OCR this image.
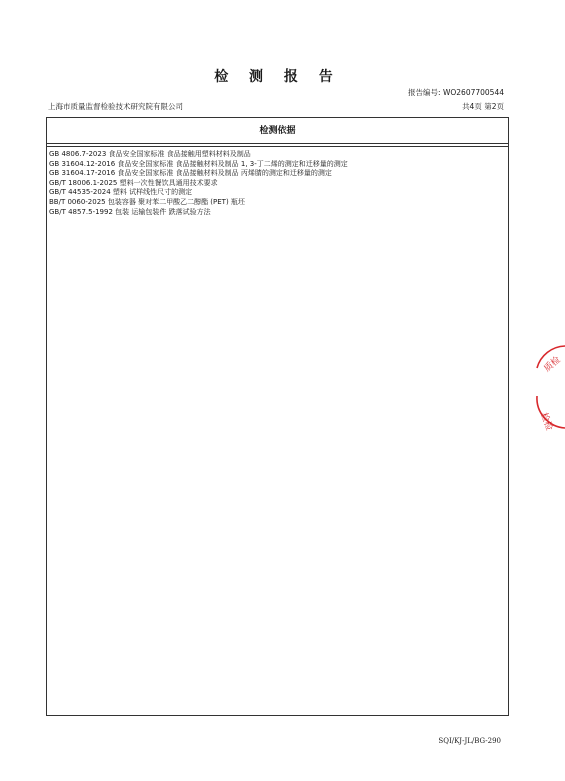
检 测 报 告
报告编号: WO2607700544
上海市质量监督检验技术研究院有限公司	共4页 第2页
检测依据
GB 4806.7-2023 食品安全国家标准 食品接触用塑料材料及制品
GB 31604.12-2016 食品安全国家标准 食品接触材料及制品 1, 3-丁二烯的测定和迁移量的测定
GB 31604.17-2016 食品安全国家标准 食品接触材料及制品 丙烯腈的测定和迁移量的测定
GB/T 18006.1-2025 塑料一次性餐饮具通用技术要求
GB/T 44535-2024 塑料 试样线性尺寸的测定
BB/T 0060-2025 包装容器 聚对苯二甲酸乙二醇酯 (PET) 瓶坯
GB/T 4857.5-1992 包装 运输包装件 跌落试验方法
SQI/KJ-JL/BG-290
质检
检检
